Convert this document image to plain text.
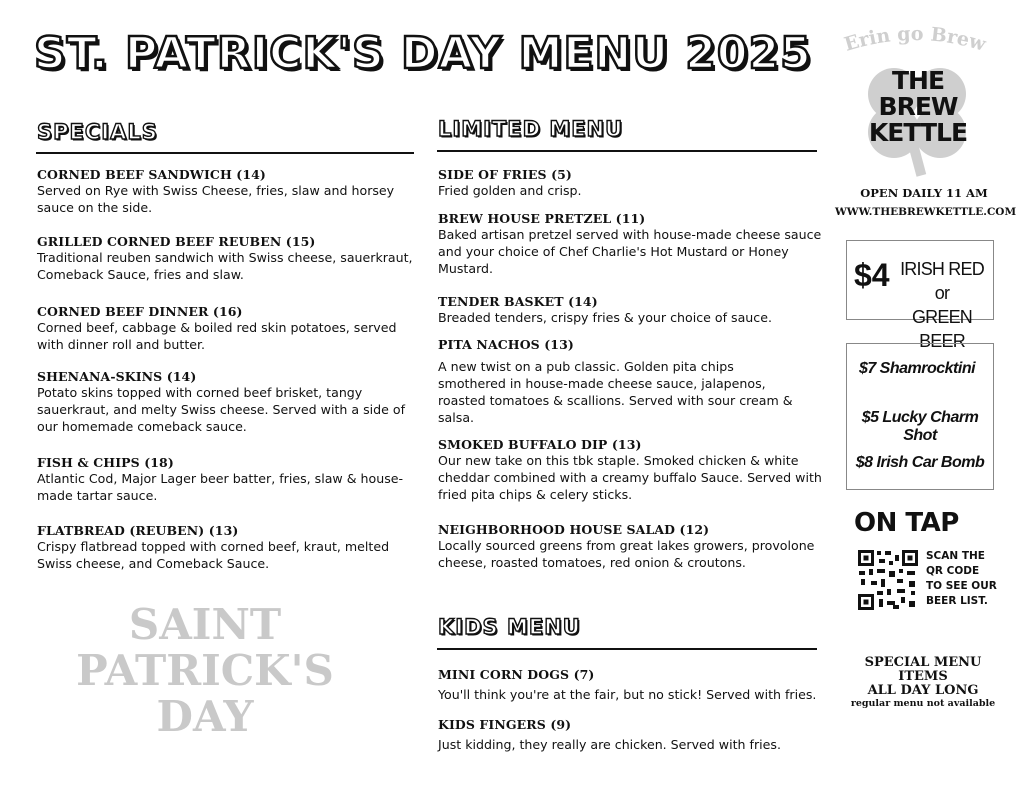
ST. PATRICK'S DAY MENU 2025
SPECIALS
CORNED BEEF SANDWICH (14)
Served on Rye with Swiss Cheese, fries, slaw and horsey sauce on the side.
GRILLED CORNED BEEF REUBEN (15)
Traditional reuben sandwich with Swiss cheese, sauerkraut, Comeback Sauce, fries and slaw.
CORNED BEEF DINNER (16)
Corned beef, cabbage & boiled red skin potatoes, served with dinner roll and butter.
SHENANA-SKINS (14)
Potato skins topped with corned beef brisket, tangy sauerkraut, and melty Swiss cheese. Served with a side of our homemade comeback sauce.
FISH & CHIPS (18)
Atlantic Cod, Major Lager beer batter, fries, slaw & house-made tartar sauce.
FLATBREAD (REUBEN) (13)
Crispy flatbread topped with corned beef, kraut, melted Swiss cheese, and Comeback Sauce.
SAINT
PATRICK'S
DAY
LIMITED MENU
SIDE OF FRIES (5)
Fried golden and crisp.
BREW HOUSE PRETZEL (11)
Baked artisan pretzel served with house-made cheese sauce and your choice of Chef Charlie's Hot Mustard or Honey Mustard.
TENDER BASKET (14)
Breaded tenders, crispy fries & your choice of sauce.
PITA NACHOS (13)
A new twist on a pub classic. Golden pita chips smothered in house-made cheese sauce, jalapenos, roasted tomatoes & scallions. Served with sour cream & salsa.
SMOKED BUFFALO DIP (13)
Our new take on this tbk staple. Smoked chicken & white cheddar combined with a creamy buffalo Sauce. Served with fried pita chips & celery sticks.
NEIGHBORHOOD HOUSE SALAD (12)
Locally sourced greens from great lakes growers, provolone cheese, roasted tomatoes, red onion & croutons.
KIDS MENU
MINI CORN DOGS (7)
You'll think you're at the fair, but no stick! Served with fries.
KIDS FINGERS (9)
Just kidding, they really are chicken. Served with fries.
Erin go Brew
THE
BREW
KETTLE
OPEN DAILY 11 AM
WWW.THEBREWKETTLE.COM
$4 IRISH RED or
GREEN BEER
$7 Shamrocktini
$5 Lucky Charm Shot
$8 Irish Car Bomb
ON TAP
SCAN THE
QR CODE
TO SEE OUR
BEER LIST.
SPECIAL MENU
ITEMS
ALL DAY LONG
regular menu not available
